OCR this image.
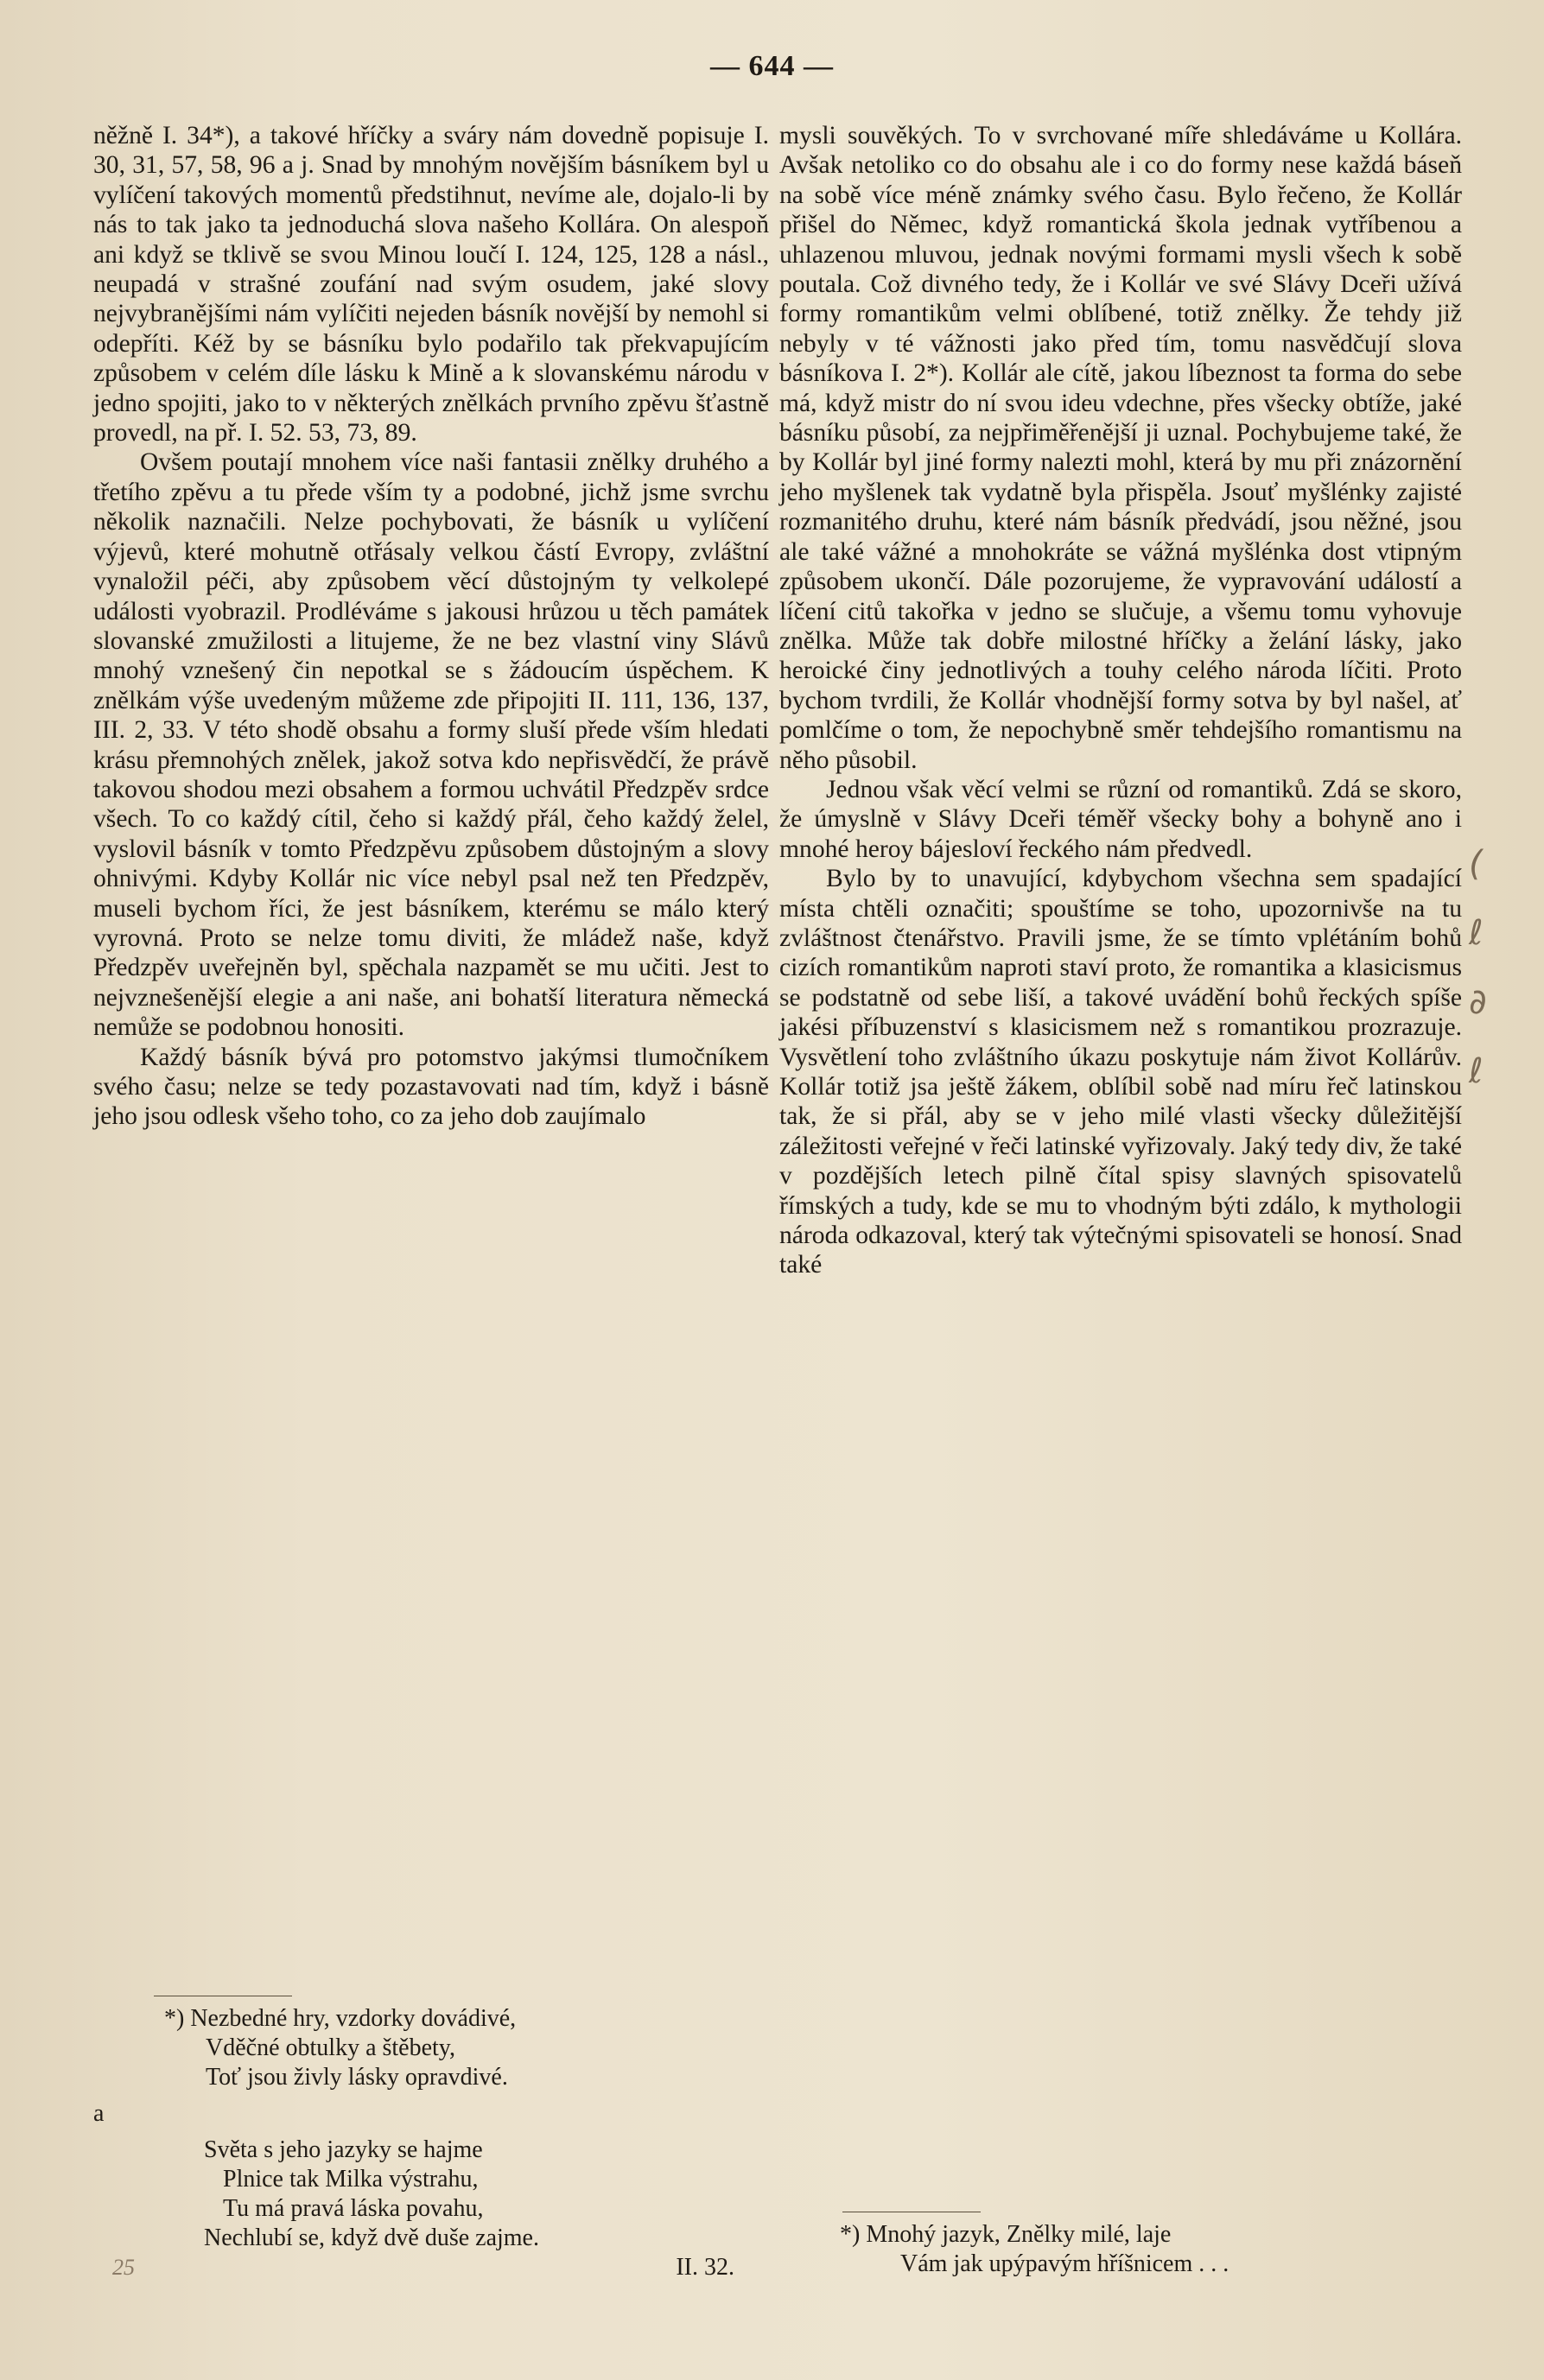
— 644 —

něžně I. 34*), a takové hříčky a sváry nám dovedně popisuje I. 30, 31, 57, 58, 96 a j. Snad by mnohým novějším básníkem byl u vylíčení takových momentů předstihnut, nevíme ale, dojalo-li by nás to tak jako ta jednoduchá slova našeho Kollára. On alespoň ani když se tklivě se svou Minou loučí I. 124, 125, 128 a násl., neupadá v strašné zoufání nad svým osudem, jaké slovy nejvybranějšími nám vylíčiti nejeden básník novější by nemohl si odepříti. Kéž by se básníku bylo podařilo tak překvapujícím způsobem v celém díle lásku k Mině a k slovanskému národu v jedno spojiti, jako to v některých znělkách prvního zpěvu šťastně provedl, na př. I. 52. 53, 73, 89.

Ovšem poutají mnohem více naši fantasii znělky druhého a třetího zpěvu a tu přede vším ty a podobné, jichž jsme svrchu několik naznačili. Nelze pochybovati, že básník u vylíčení výjevů, které mohutně otřásaly velkou částí Evropy, zvláštní vynaložil péči, aby způsobem věcí důstojným ty velkolepé události vyobrazil. Prodléváme s jakousi hrůzou u těch památek slovanské zmužilosti a litujeme, že ne bez vlastní viny Slávů mnohý vznešený čin nepotkal se s žádoucím úspěchem. K znělkám výše uvedeným můžeme zde připojiti II. 111, 136, 137, III. 2, 33. V této shodě obsahu a formy sluší přede vším hledati krásu přemnohých znělek, jakož sotva kdo nepřisvědčí, že právě takovou shodou mezi obsahem a formou uchvátil Předzpěv srdce všech. To co každý cítil, čeho si každý přál, čeho každý želel, vyslovil básník v tomto Předzpěvu způsobem důstojným a slovy ohnivými. Kdyby Kollár nic více nebyl psal než ten Předzpěv, museli bychom říci, že jest básníkem, kterému se málo který vyrovná. Proto se nelze tomu diviti, že mládež naše, když Předzpěv uveřejněn byl, spěchala nazpamět se mu učiti. Jest to nejvznešenější elegie a ani naše, ani bohatší literatura německá nemůže se podobnou honositi.

Každý básník bývá pro potomstvo jakýmsi tlumočníkem svého času; nelze se tedy pozastavovati nad tím, když i básně jeho jsou odlesk všeho toho, co za jeho dob zaujímalo

mysli souvěkých. To v svrchované míře shledáváme u Kollára. Avšak netoliko co do obsahu ale i co do formy nese každá báseň na sobě více méně známky svého času. Bylo řečeno, že Kollár přišel do Němec, když romantická škola jednak vytříbenou a uhlazenou mluvou, jednak novými formami mysli všech k sobě poutala. Což divného tedy, že i Kollár ve své Slávy Dceři užívá formy romantikům velmi oblíbené, totiž znělky. Že tehdy již nebyly v té vážnosti jako před tím, tomu nasvědčují slova básníkova I. 2*). Kollár ale cítě, jakou líbeznost ta forma do sebe má, když mistr do ní svou ideu vdechne, přes všecky obtíže, jaké básníku působí, za nejpřiměřenější ji uznal. Pochybujeme také, že by Kollár byl jiné formy nalezti mohl, která by mu při znázornění jeho myšlenek tak vydatně byla přispěla. Jsouť myšlénky zajisté rozmanitého druhu, které nám básník předvádí, jsou něžné, jsou ale také vážné a mnohokráte se vážná myšlénka dost vtipným způsobem ukončí. Dále pozorujeme, že vypravování událostí a líčení citů takořka v jedno se slučuje, a všemu tomu vyhovuje znělka. Může tak dobře milostné hříčky a želání lásky, jako heroické činy jednotlivých a touhy celého národa líčiti. Proto bychom tvrdili, že Kollár vhodnější formy sotva by byl našel, ať pomlčíme o tom, že nepochybně směr tehdejšího romantismu na něho působil.

Jednou však věcí velmi se různí od romantiků. Zdá se skoro, že úmyslně v Slávy Dceři téměř všecky bohy a bohyně ano i mnohé heroy bájesloví řeckého nám předvedl.

Bylo by to unavující, kdybychom všechna sem spadající místa chtěli označiti; spouštíme se toho, upozornivše na tu zvláštnost čtenářstvo. Pravili jsme, že se tímto vplétáním bohů cizích romantikům naproti staví proto, že romantika a klasicismus se podstatně od sebe liší, a takové uvádění bohů řeckých spíše jakési příbuzenství s klasicismem než s romantikou prozrazuje. Vysvětlení toho zvláštního úkazu poskytuje nám život Kollárův. Kollár totiž jsa ještě žákem, oblíbil sobě nad míru řeč latinskou tak, že si přál, aby se v jeho milé vlasti všecky důležitější záležitosti veřejné v řeči latinské vyřizovaly. Jaký tedy div, že také v pozdějších letech pilně čítal spisy slavných spisovatelů římských a tudy, kde se mu to vhodným býti zdálo, k mythologii národa odkazoval, který tak výtečnými spisovateli se honosí. Snad také

*) Nezbedné hry, vzdorky dovádivé,
Vděčné obtulky a štěbety,
Toť jsou živly lásky opravdivé.
a
Světa s jeho jazyky se hajme
Plnice tak Milka výstrahu,
Tu má pravá láska povahu,
Nechlubí se, když dvě duše zajme.
II. 32.
*) Mnohý jazyk, Znělky milé, laje
Vám jak upýpavým hříšnicem . . .
(
ℓ
∂
ℓ
25
